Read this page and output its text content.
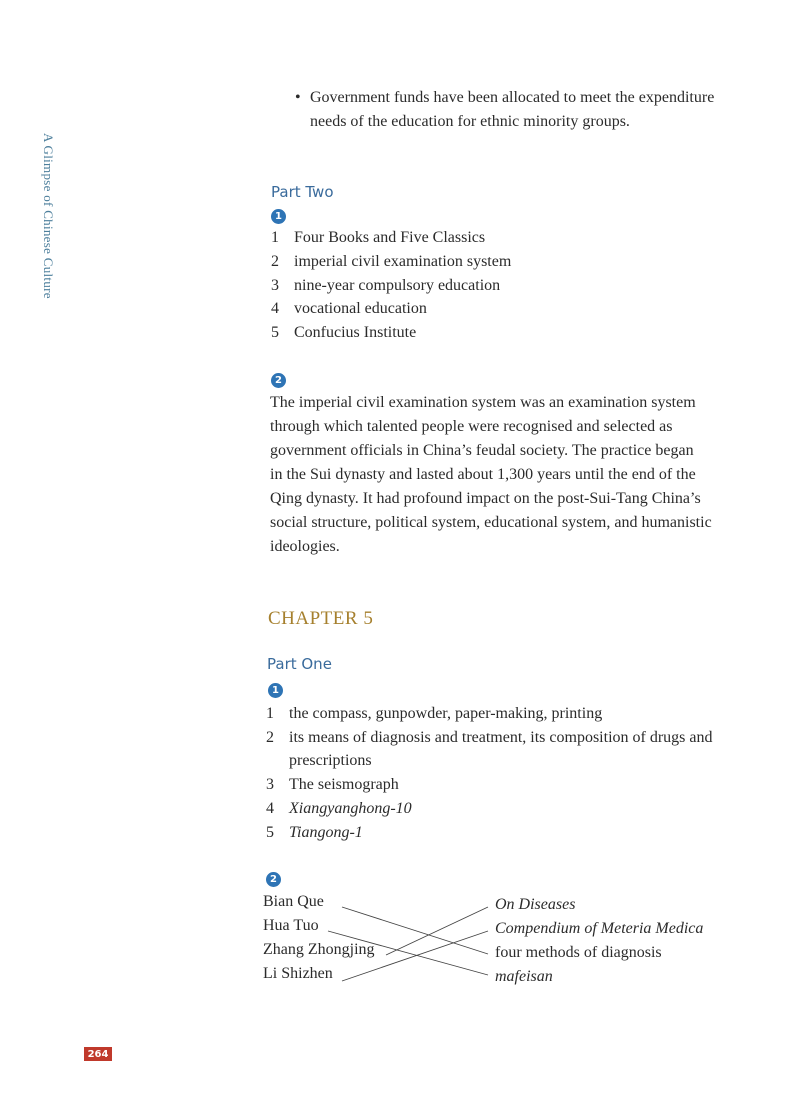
A Glimpse of Chinese Culture
• Government funds have been allocated to meet the expenditure
needs of the education for ethnic minority groups.
Part Two
1
1 Four Books and Five Classics
2 imperial civil examination system
3 nine-year compulsory education
4 vocational education
5 Confucius Institute
2
The imperial civil examination system was an examination system
through which talented people were recognised and selected as
government officials in China’s feudal society. The practice began
in the Sui dynasty and lasted about 1,300 years until the end of the
Qing dynasty. It had profound impact on the post-Sui-Tang China’s
social structure, political system, educational system, and humanistic
ideologies.
CHAPTER 5
Part One
1
1 the compass, gunpowder, paper-making, printing
2 its means of diagnosis and treatment, its composition of drugs and
prescriptions
3 The seismograph
4 Xiangyanghong-10
5 Tiangong-1
2
Bian Que
Hua Tuo
Zhang Zhongjing
Li Shizhen
On Diseases
Compendium of Meteria Medica
four methods of diagnosis
mafeisan
264
